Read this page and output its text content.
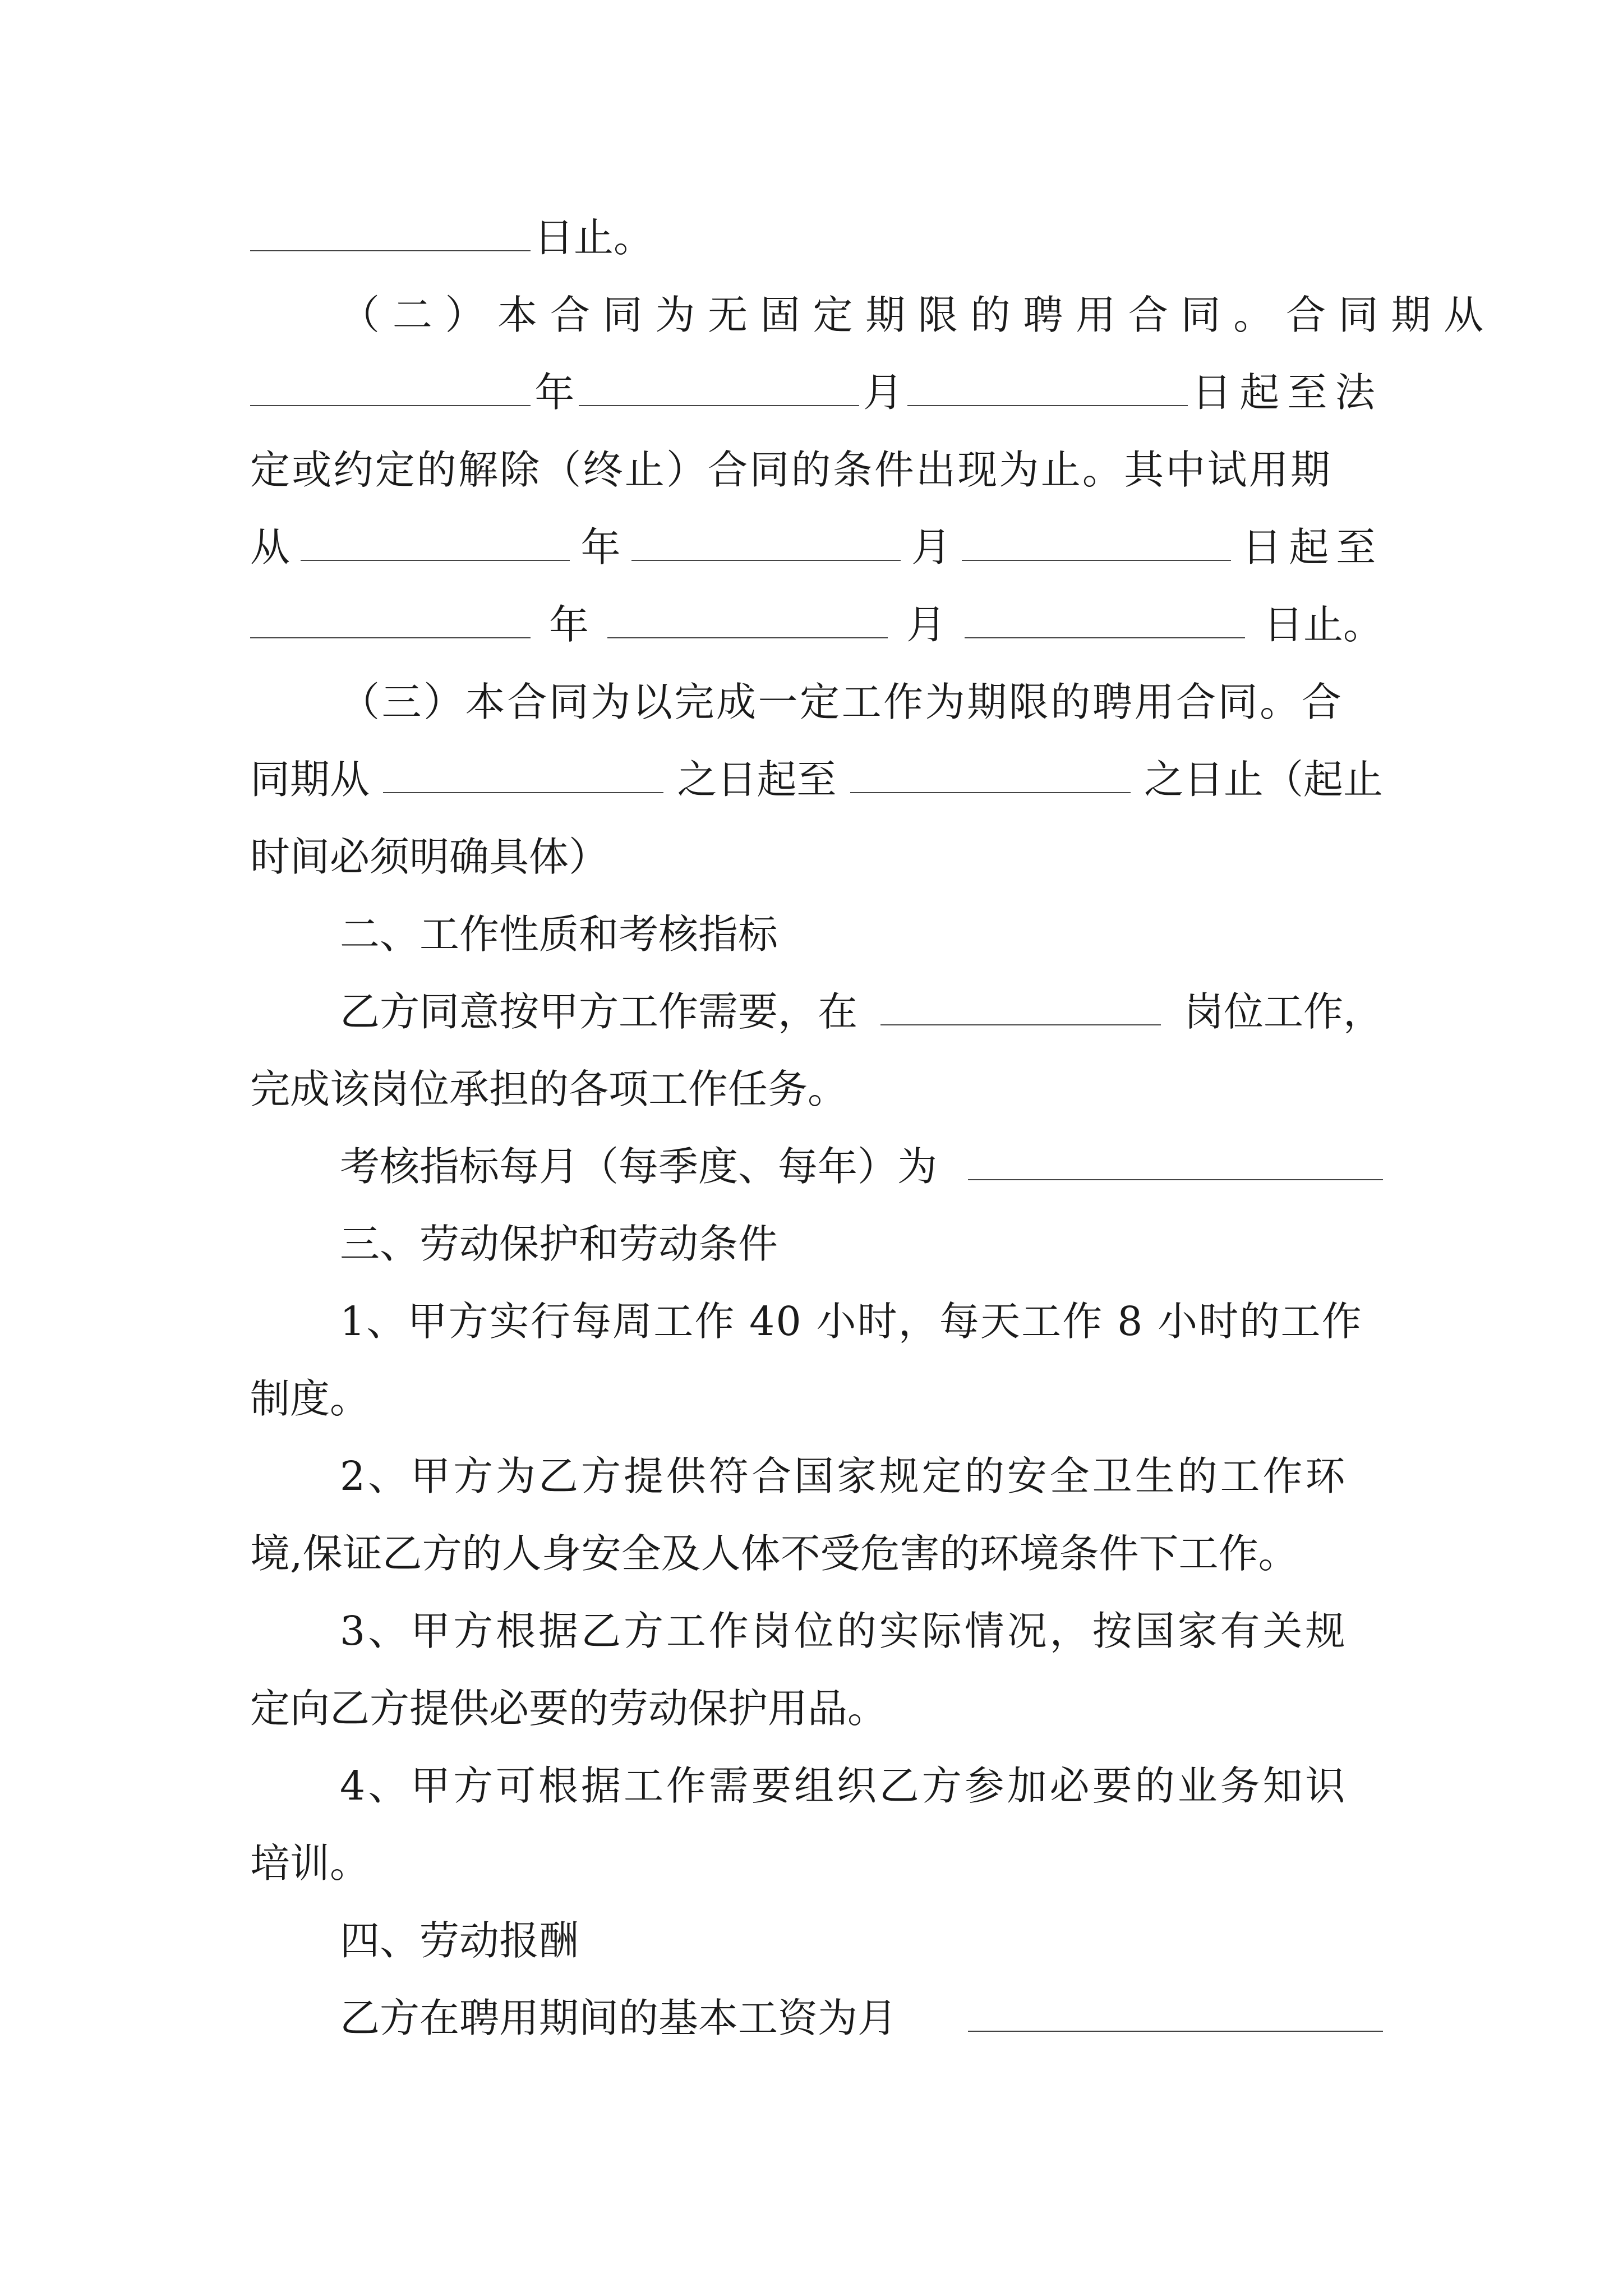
日止。
（二）本合同为无固定期限的聘用合同。合同期从
年	月	日起至法
定或约定的解除（终止）合同的条件出现为止。其中试用期
从	年	月	日起至
年	月	日止。
（三）本合同为以完成一定工作为期限的聘用合同。合
同期从	之日起至	之日止（起止
时间必须明确具体）
二、工作性质和考核指标
乙方同意按甲方工作需要，在	岗位工作，
完成该岗位承担的各项工作任务。
考核指标每月（每季度、每年）为
三、劳动保护和劳动条件
1、甲方实行每周工作 40 小时，每天工作 8 小时的工作
制度。
2、甲方为乙方提供符合国家规定的安全卫生的工作环
境,保证乙方的人身安全及人体不受危害的环境条件下工作。
3、甲方根据乙方工作岗位的实际情况，按国家有关规
定向乙方提供必要的劳动保护用品。
4、甲方可根据工作需要组织乙方参加必要的业务知识
培训。
四、劳动报酬
乙方在聘用期间的基本工资为月
